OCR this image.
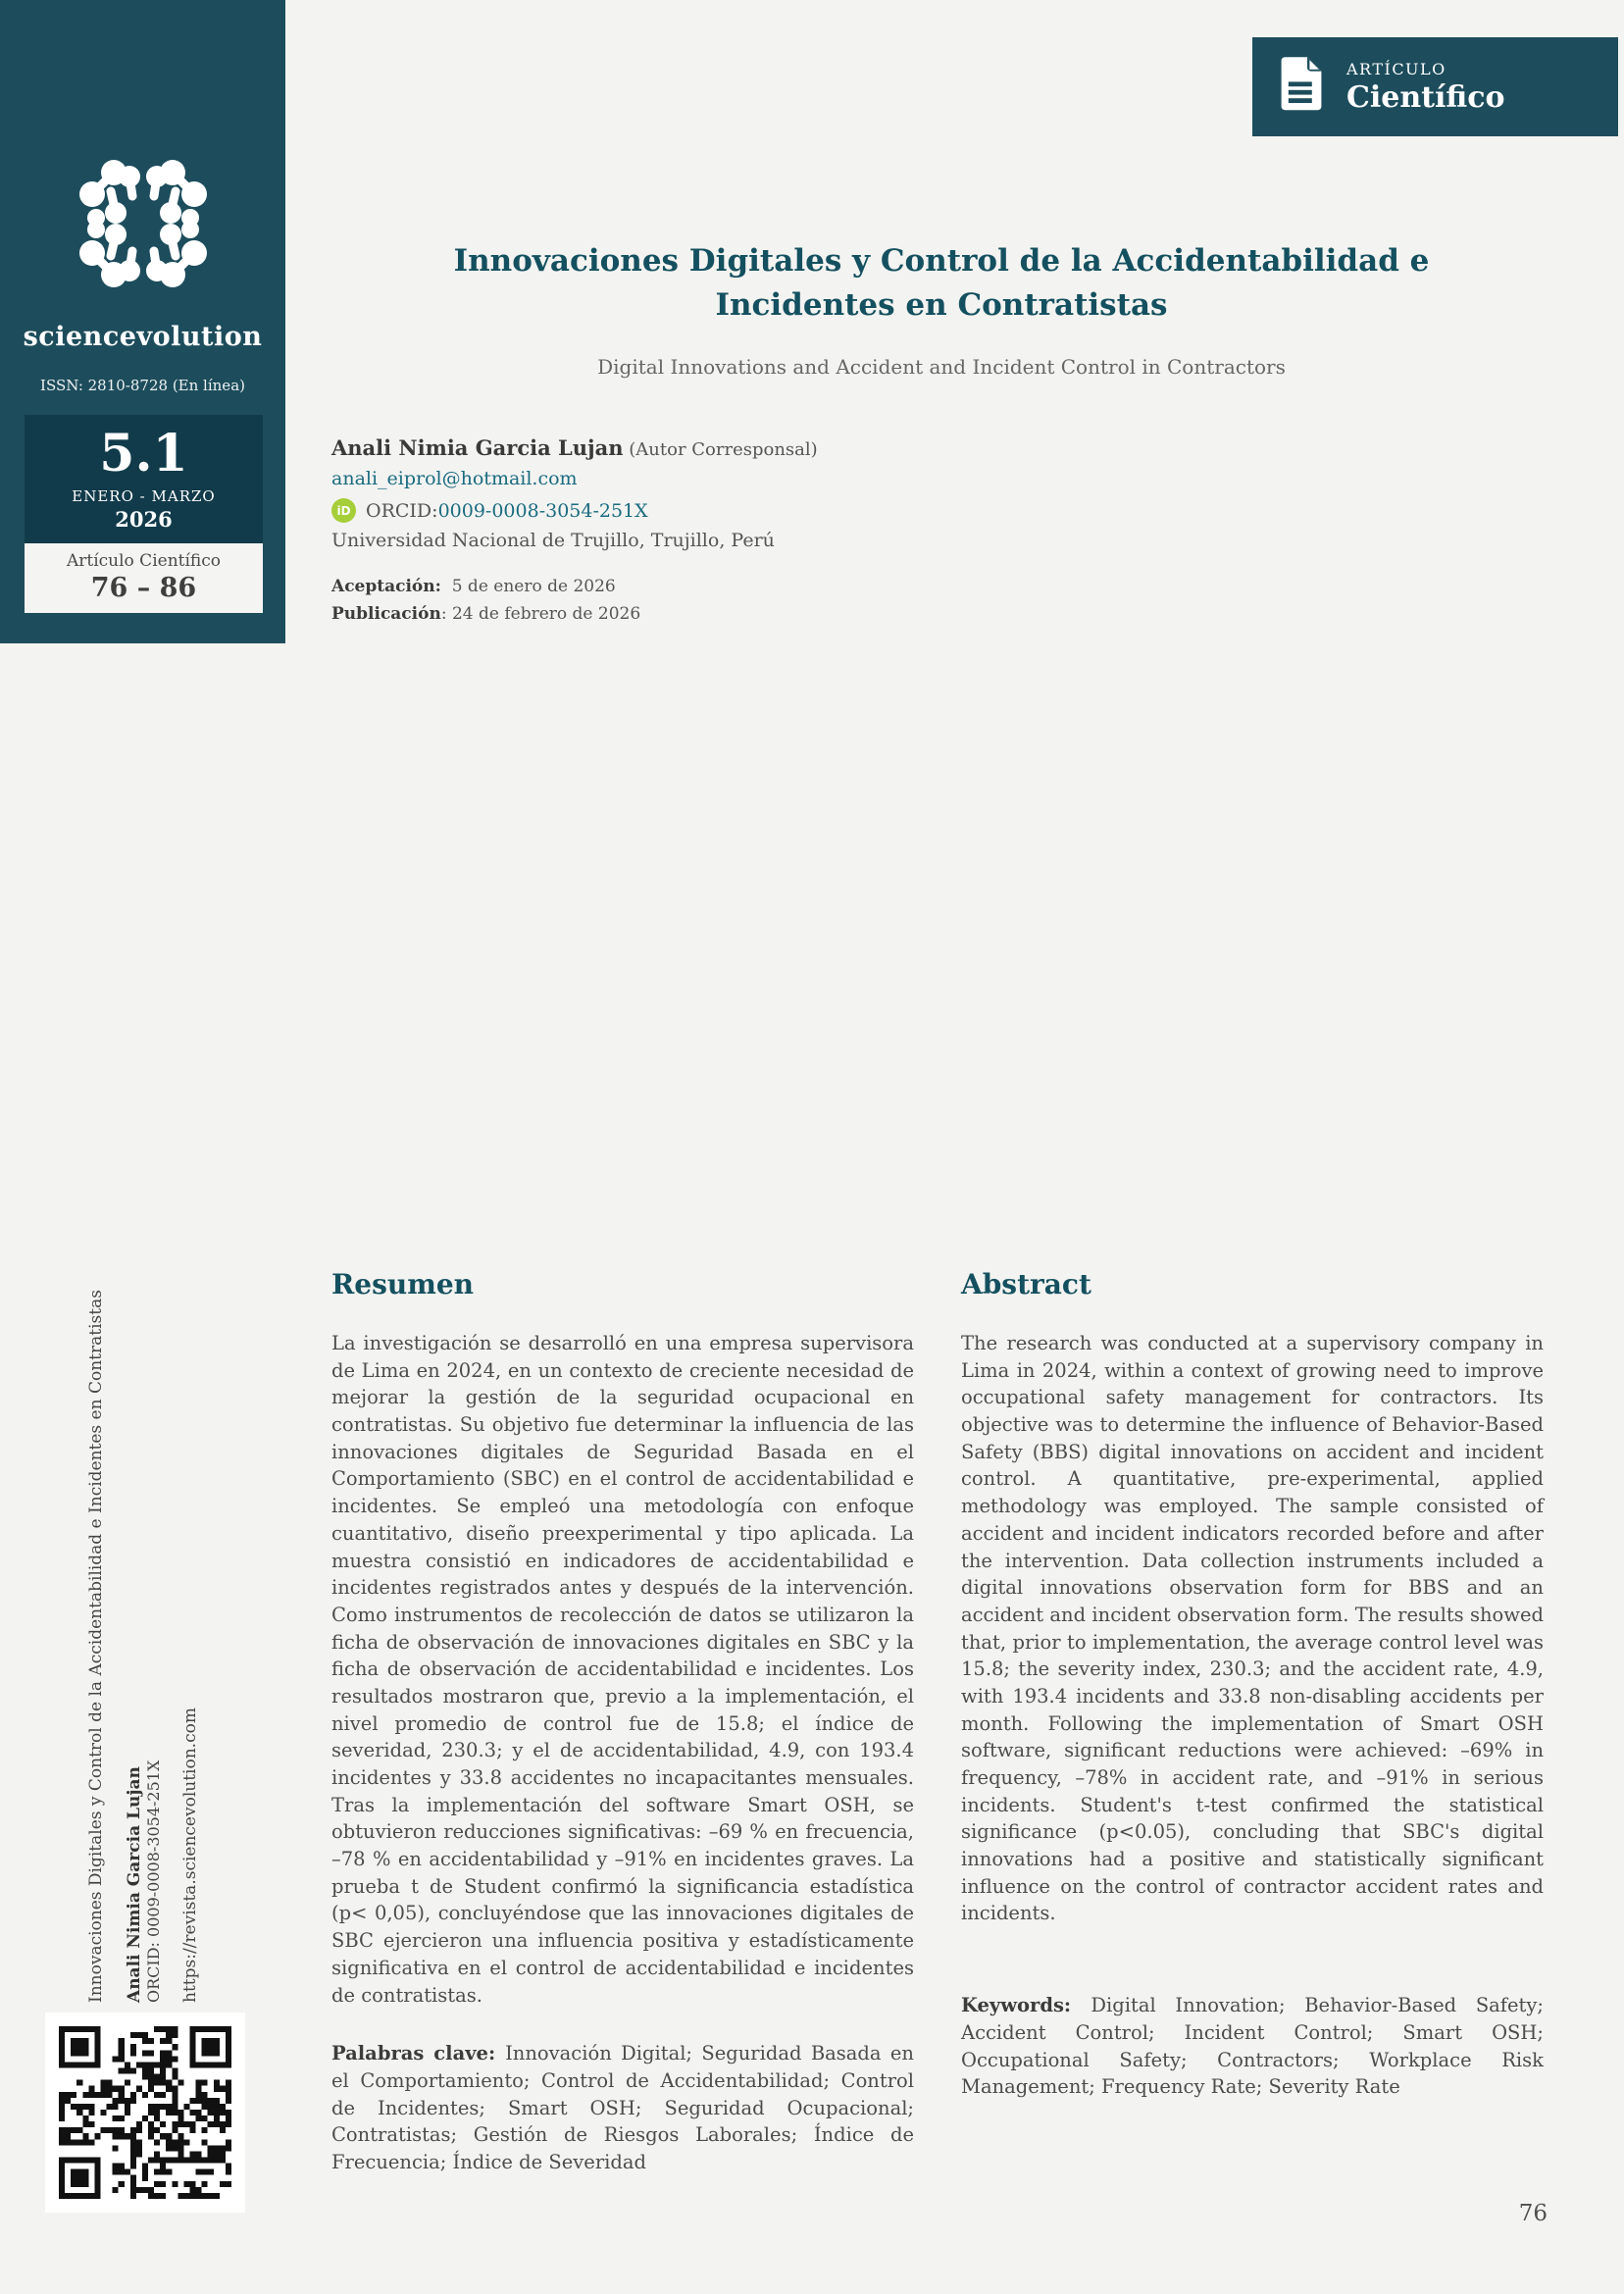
sciencevolution
ISSN: 2810-8728 (En línea)
5.1
ENERO - MARZO
2026
Artículo Científico
76 – 86
ARTÍCULO
Científico
Innovaciones Digitales y Control de la Accidentabilidad e
Incidentes en Contratistas
Digital Innovations and Accident and Incident Control in Contractors
Anali Nimia Garcia Lujan (Autor Corresponsal)
anali_eiprol@hotmail.com
iD ORCID: 0009-0008-3054-251X
Universidad Nacional de Trujillo, Trujillo, Perú
Aceptación:  5 de enero de 2026
Publicación: 24 de febrero de 2026
Resumen
La investigación se desarrolló en una empresa supervisora de Lima en 2024, en un contexto de creciente necesidad de mejorar la gestión de la seguridad ocupacional en contratistas. Su objetivo fue determinar la influencia de las innovaciones digitales de Seguridad Basada en el Comportamiento (SBC) en el control de accidentabilidad e incidentes. Se empleó una metodología con enfoque cuantitativo, diseño preexperimental y tipo aplicada. La muestra consistió en indicadores de accidentabilidad e incidentes registrados antes y después de la intervención. Como instrumentos de recolección de datos se utilizaron la ficha de observación de innovaciones digitales en SBC y la ficha de observación de accidentabilidad e incidentes. Los resultados mostraron que, previo a la implementación, el nivel promedio de control fue de 15.8; el índice de severidad, 230.3; y el de accidentabilidad, 4.9, con 193.4 incidentes y 33.8 accidentes no incapacitantes mensuales. Tras la implementación del software Smart OSH, se obtuvieron reducciones significativas: –69 % en frecuencia, –78 % en accidentabilidad y –91% en incidentes graves. La prueba t de Student confirmó la significancia estadística (p< 0,05), concluyéndose que las innovaciones digitales de SBC ejercieron una influencia positiva y estadísticamente significativa en el control de accidentabilidad e incidentes de contratistas.
Palabras clave: Innovación Digital; Seguridad Basada en el Comportamiento; Control de Accidentabilidad; Control de Incidentes; Smart OSH; Seguridad Ocupacional; Contratistas; Gestión de Riesgos Laborales; Índice de Frecuencia; Índice de Severidad
Abstract
The research was conducted at a supervisory company in Lima in 2024, within a context of growing need to improve occupational safety management for contractors. Its objective was to determine the influence of Behavior-Based Safety (BBS) digital innovations on accident and incident control. A quantitative, pre-experimental, applied methodology was employed. The sample consisted of accident and incident indicators recorded before and after the intervention. Data collection instruments included a digital innovations observation form for BBS and an accident and incident observation form. The results showed that, prior to implementation, the average control level was 15.8; the severity index, 230.3; and the accident rate, 4.9, with 193.4 incidents and 33.8 non-disabling accidents per month. Following the implementation of Smart OSH software, significant reductions were achieved: –69% in frequency, –78% in accident rate, and –91% in serious incidents. Student's t-test confirmed the statistical significance (p<0.05), concluding that SBC's digital innovations had a positive and statistically significant influence on the control of contractor accident rates and incidents.
Keywords: Digital Innovation; Behavior-Based Safety; Accident Control; Incident Control; Smart OSH; Occupational Safety; Contractors; Workplace Risk Management; Frequency Rate; Severity Rate
Innovaciones Digitales y Control de la Accidentabilidad e Incidentes en Contratistas Anali Nimia Garcia Lujan ORCID: 0009-0008-3054-251X https://revista.sciencevolution.com
76
